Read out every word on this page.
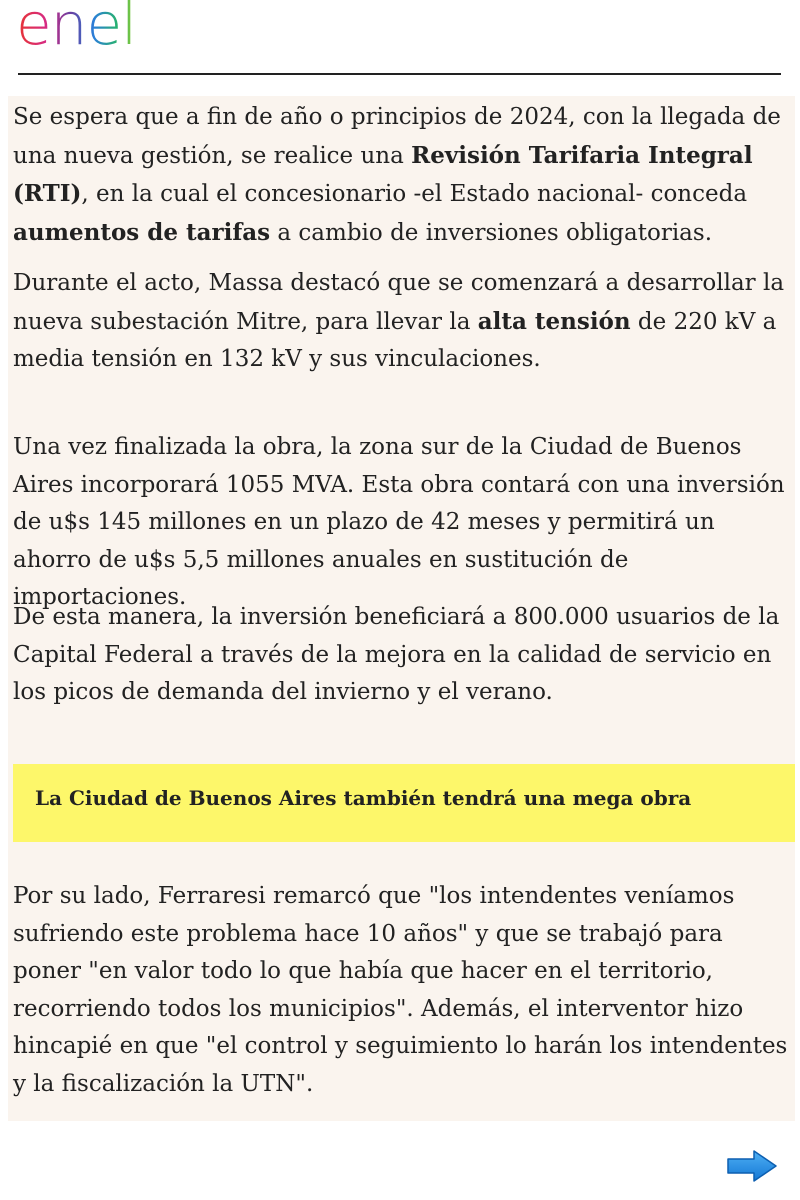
enel

Se espera que a fin de año o principios de 2024, con la llegada de una nueva gestión, se realice una Revisión Tarifaria Integral (RTI), en la cual el concesionario -el Estado nacional- conceda aumentos de tarifas a cambio de inversiones obligatorias.

Durante el acto, Massa destacó que se comenzará a desarrollar la nueva subestación Mitre, para llevar la alta tensión de 220 kV a media tensión en 132 kV y sus vinculaciones.

Una vez finalizada la obra, la zona sur de la Ciudad de Buenos Aires incorporará 1055 MVA. Esta obra contará con una inversión de u$s 145 millones en un plazo de 42 meses y permitirá un ahorro de u$s 5,5 millones anuales en sustitución de importaciones.

De esta manera, la inversión beneficiará a 800.000 usuarios de la Capital Federal a través de la mejora en la calidad de servicio en los picos de demanda del invierno y el verano.

La Ciudad de Buenos Aires también tendrá una mega obra

Por su lado, Ferraresi remarcó que "los intendentes veníamos sufriendo este problema hace 10 años" y que se trabajó para poner "en valor todo lo que había que hacer en el territorio, recorriendo todos los municipios". Además, el interventor hizo hincapié en que "el control y seguimiento lo harán los intendentes y la fiscalización la UTN".
